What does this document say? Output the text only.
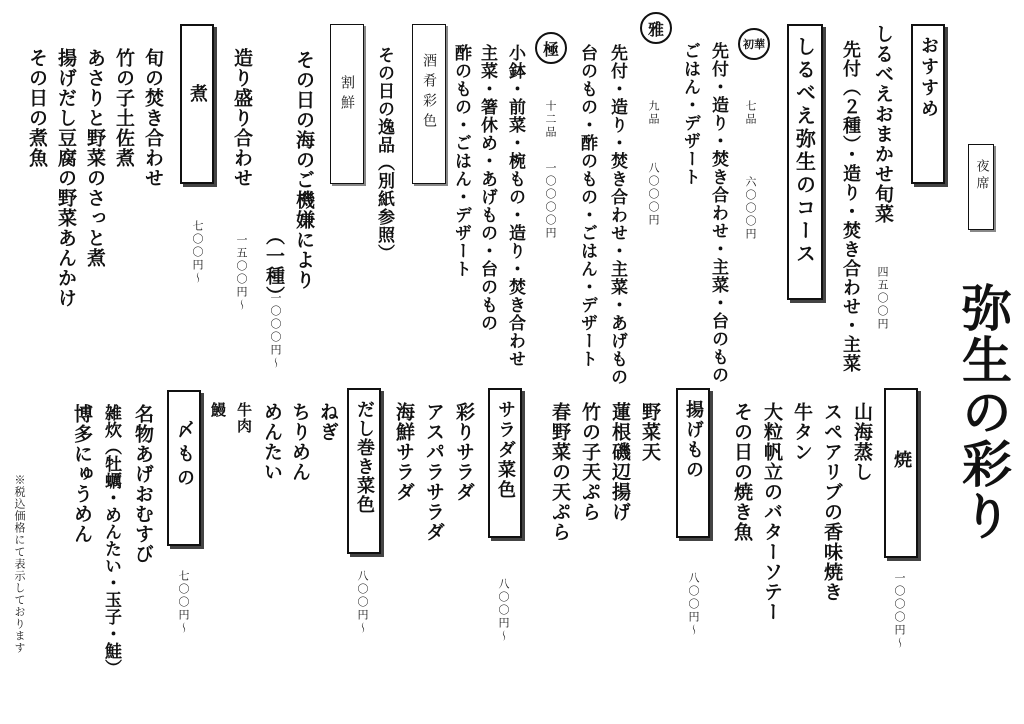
夜席
弥生の彩り
おすすめ
しるべえおまかせ旬菜
四五〇〇円
先付（２種）・造り・焚き合わせ・主菜
しるべえ弥生のコース
初華
七品
六〇〇〇円
先付・造り・焚き合わせ・主菜・台のもの
ごはん・デザート
雅
九品
八〇〇〇円
先付・造り・焚き合わせ・主菜・あげもの
台のもの・酢のもの・ごはん・デザート
極
十二品
一〇〇〇〇円
小鉢・前菜・椀もの・造り・焚き合わせ
主菜・箸休め・あげもの・台のもの
酢のもの・ごはん・デザート
酒肴彩色
その日の逸品（別紙参照）
割鮮
その日の海のご機嫌により
（一種）
一〇〇〇円～
造り盛り合わせ
一五〇〇円～
煮
七〇〇円～
旬の焚き合わせ
竹の子土佐煮
あさりと野菜のさっと煮
揚げだし豆腐の野菜あんかけ
その日の煮魚
焼
一〇〇〇円～
山海蒸し
スペアリブの香味焼き
牛タン
大粒帆立のバターソテー
その日の焼き魚
揚げもの
八〇〇円～
野菜天
蓮根磯辺揚げ
竹の子天ぷら
春野菜の天ぷら
サラダ菜色
八〇〇円～
彩りサラダ
アスパラサラダ
海鮮サラダ
だし巻き菜色
八〇〇円～
ねぎ
ちりめん
めんたい
牛肉
鰻
〆もの
七〇〇円～
名物あげおむすび
雑炊（牡蠣・めんたい・玉子・鮭）
博多にゅうめん
※税込価格にて表示しております
